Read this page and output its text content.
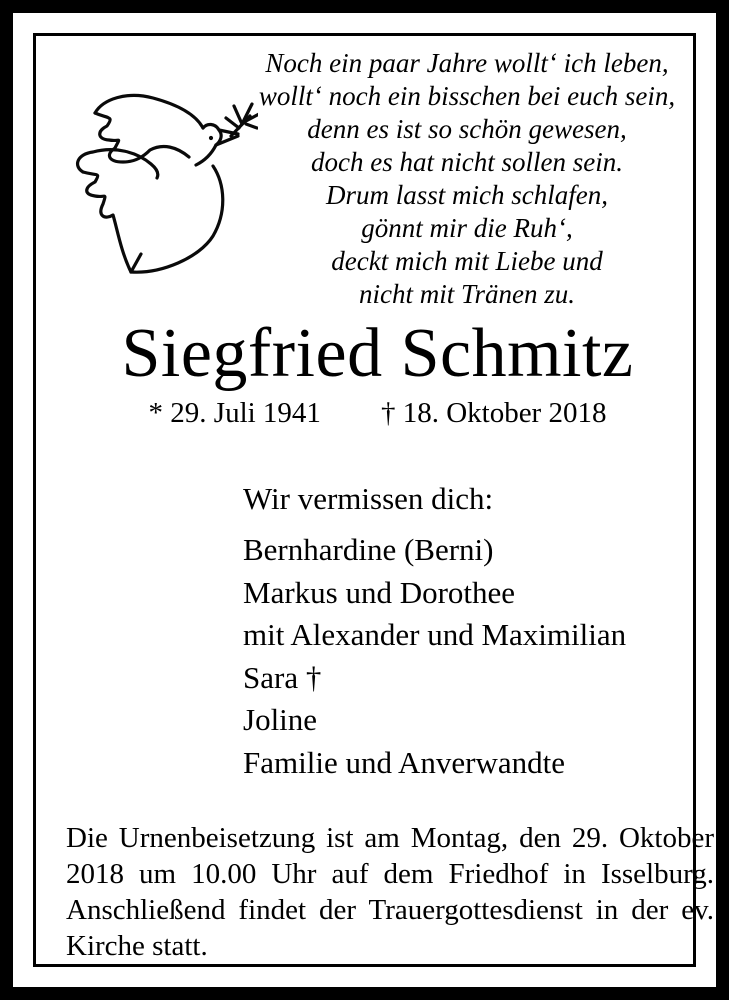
Noch ein paar Jahre wollt‘ ich leben,
wollt‘ noch ein bisschen bei euch sein,
denn es ist so schön gewesen,
doch es hat nicht sollen sein.
Drum lasst mich schlafen,
gönnt mir die Ruh‘,
deckt mich mit Liebe und
nicht mit Tränen zu.
Siegfried Schmitz
* 29. Juli 1941 † 18. Oktober 2018
Wir vermissen dich:
Bernhardine (Berni)
Markus und Dorothee
mit Alexander und Maximilian
Sara †
Joline
Familie und Anverwandte

Die Urnenbeisetzung ist am Montag, den 29. Oktober 2018 um 10.00 Uhr auf dem Friedhof in Isselburg. Anschließend findet der Trauergottesdienst in der ev. Kirche statt.
